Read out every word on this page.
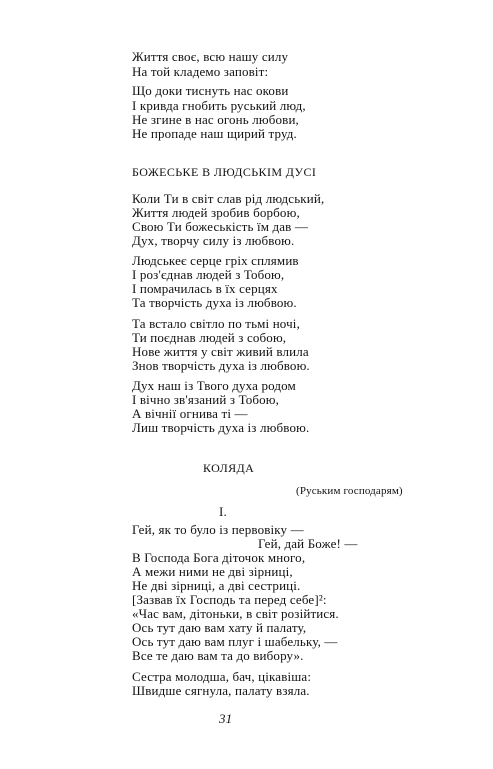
Життя своє, всю нашу силу
На той кладемо заповіт:
Що доки тиснуть нас окови
І кривда гнобить руський люд,
Не згине в нас огонь любови,
Не пропаде наш щирий труд.
БОЖЕСЬКЕ В ЛЮДСЬКІМ ДУСІ
Коли Ти в світ слав рід людський,
Життя людей зробив борбою,
Свою Ти божеськість їм дав —
Дух, творчу силу із любвою.
Людськеє серце гріх сплямив
І роз'єднав людей з Тобою,
І помрачилась в їх серцях
Та творчість духа із любвою.
Та встало світло по тьмі ночі,
Ти поєднав людей з собою,
Нове життя у світ живий влила
Знов творчість духа із любвою.
Дух наш із Твого духа родом
І вічно зв'язаний з Тобою,
А вічнії огнива ті —
Лиш творчість духа із любвою.
КОЛЯДА
(Руським господарям)
I.
Гей, як то було із первовіку —
Гей, дай Боже! —
В Господа Бога діточок много,
А межи ними не дві зірниці,
Не дві зірниці, а дві сестриці.
[Зазвав їх Господь та перед себе]²:
«Час вам, дітоньки, в світ розійтися.
Ось тут даю вам хату й палату,
Ось тут даю вам плуг і шабельку, —
Все те даю вам та до вибору».
Сестра молодша, бач, цікавіша:
Швидше сягнула, палату взяла.
31
